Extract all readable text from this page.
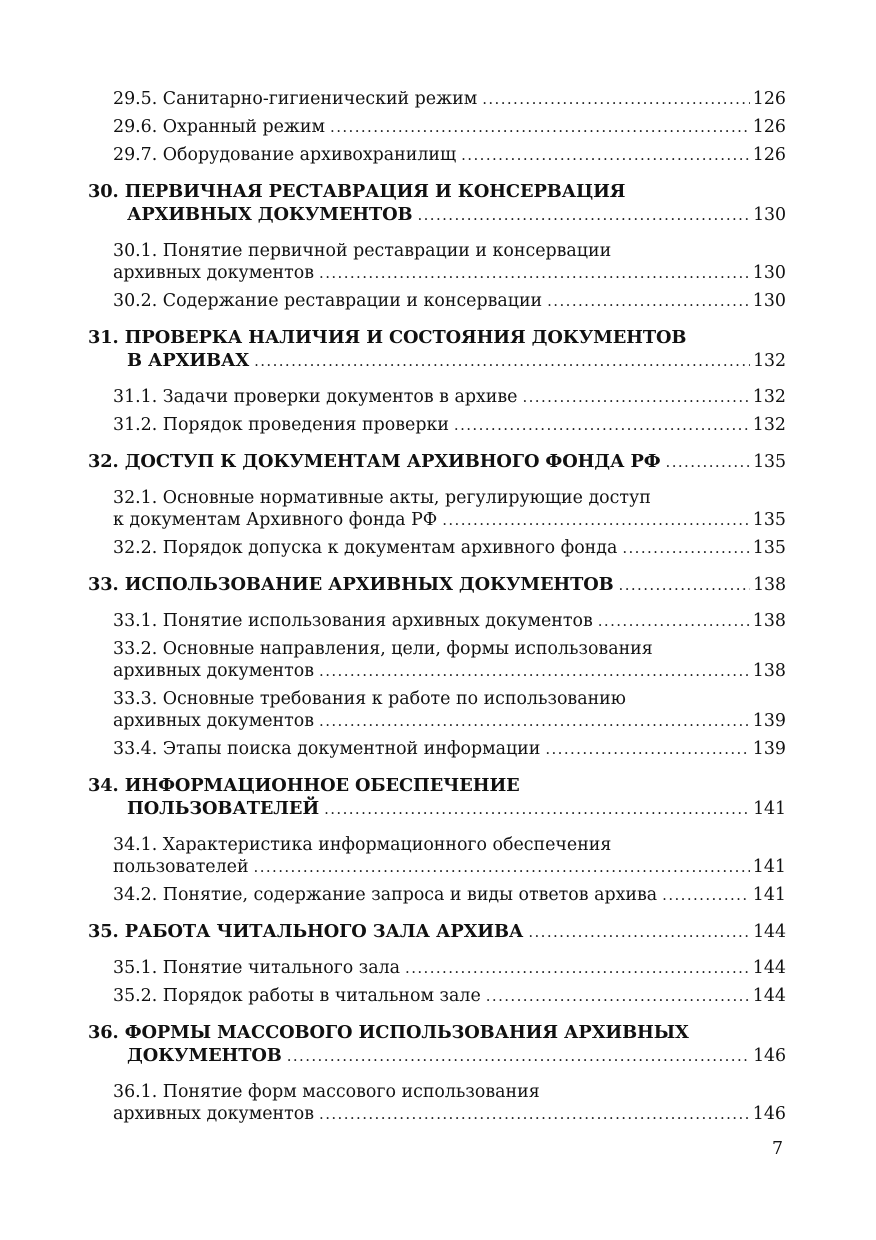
29.5. Санитарно-гигиенический режим .....	126
29.6. Охранный режим .....	126
29.7. Оборудование архивохранилищ .....	126
30. ПЕРВИЧНАЯ РЕСТАВРАЦИЯ И КОНСЕРВАЦИЯ
АРХИВНЫХ ДОКУМЕНТОВ .....	130
30.1. Понятие первичной реставрации и консервации
архивных документов .....	130
30.2. Содержание реставрации и консервации .....	130
31. ПРОВЕРКА НАЛИЧИЯ И СОСТОЯНИЯ ДОКУМЕНТОВ
В АРХИВАХ .....	132
31.1. Задачи проверки документов в архиве .....	132
31.2. Порядок проведения проверки .....	132
32. ДОСТУП К ДОКУМЕНТАМ АРХИВНОГО ФОНДА РФ .....	135
32.1. Основные нормативные акты, регулирующие доступ
к документам Архивного фонда РФ .....	135
32.2. Порядок допуска к документам архивного фонда .....	135
33. ИСПОЛЬЗОВАНИЕ АРХИВНЫХ ДОКУМЕНТОВ .....	138
33.1. Понятие использования архивных документов .....	138
33.2. Основные направления, цели, формы использования
архивных документов .....	138
33.3. Основные требования к работе по использованию
архивных документов .....	139
33.4. Этапы поиска документной информации .....	139
34. ИНФОРМАЦИОННОЕ ОБЕСПЕЧЕНИЕ
ПОЛЬЗОВАТЕЛЕЙ .....	141
34.1. Характеристика информационного обеспечения
пользователей .....	141
34.2. Понятие, содержание запроса и виды ответов архива .....	141
35. РАБОТА ЧИТАЛЬНОГО ЗАЛА АРХИВА .....	144
35.1. Понятие читального зала .....	144
35.2. Порядок работы в читальном зале .....	144
36. ФОРМЫ МАССОВОГО ИСПОЛЬЗОВАНИЯ АРХИВНЫХ
ДОКУМЕНТОВ .....	146
36.1. Понятие форм массового использования
архивных документов .....	146
7
